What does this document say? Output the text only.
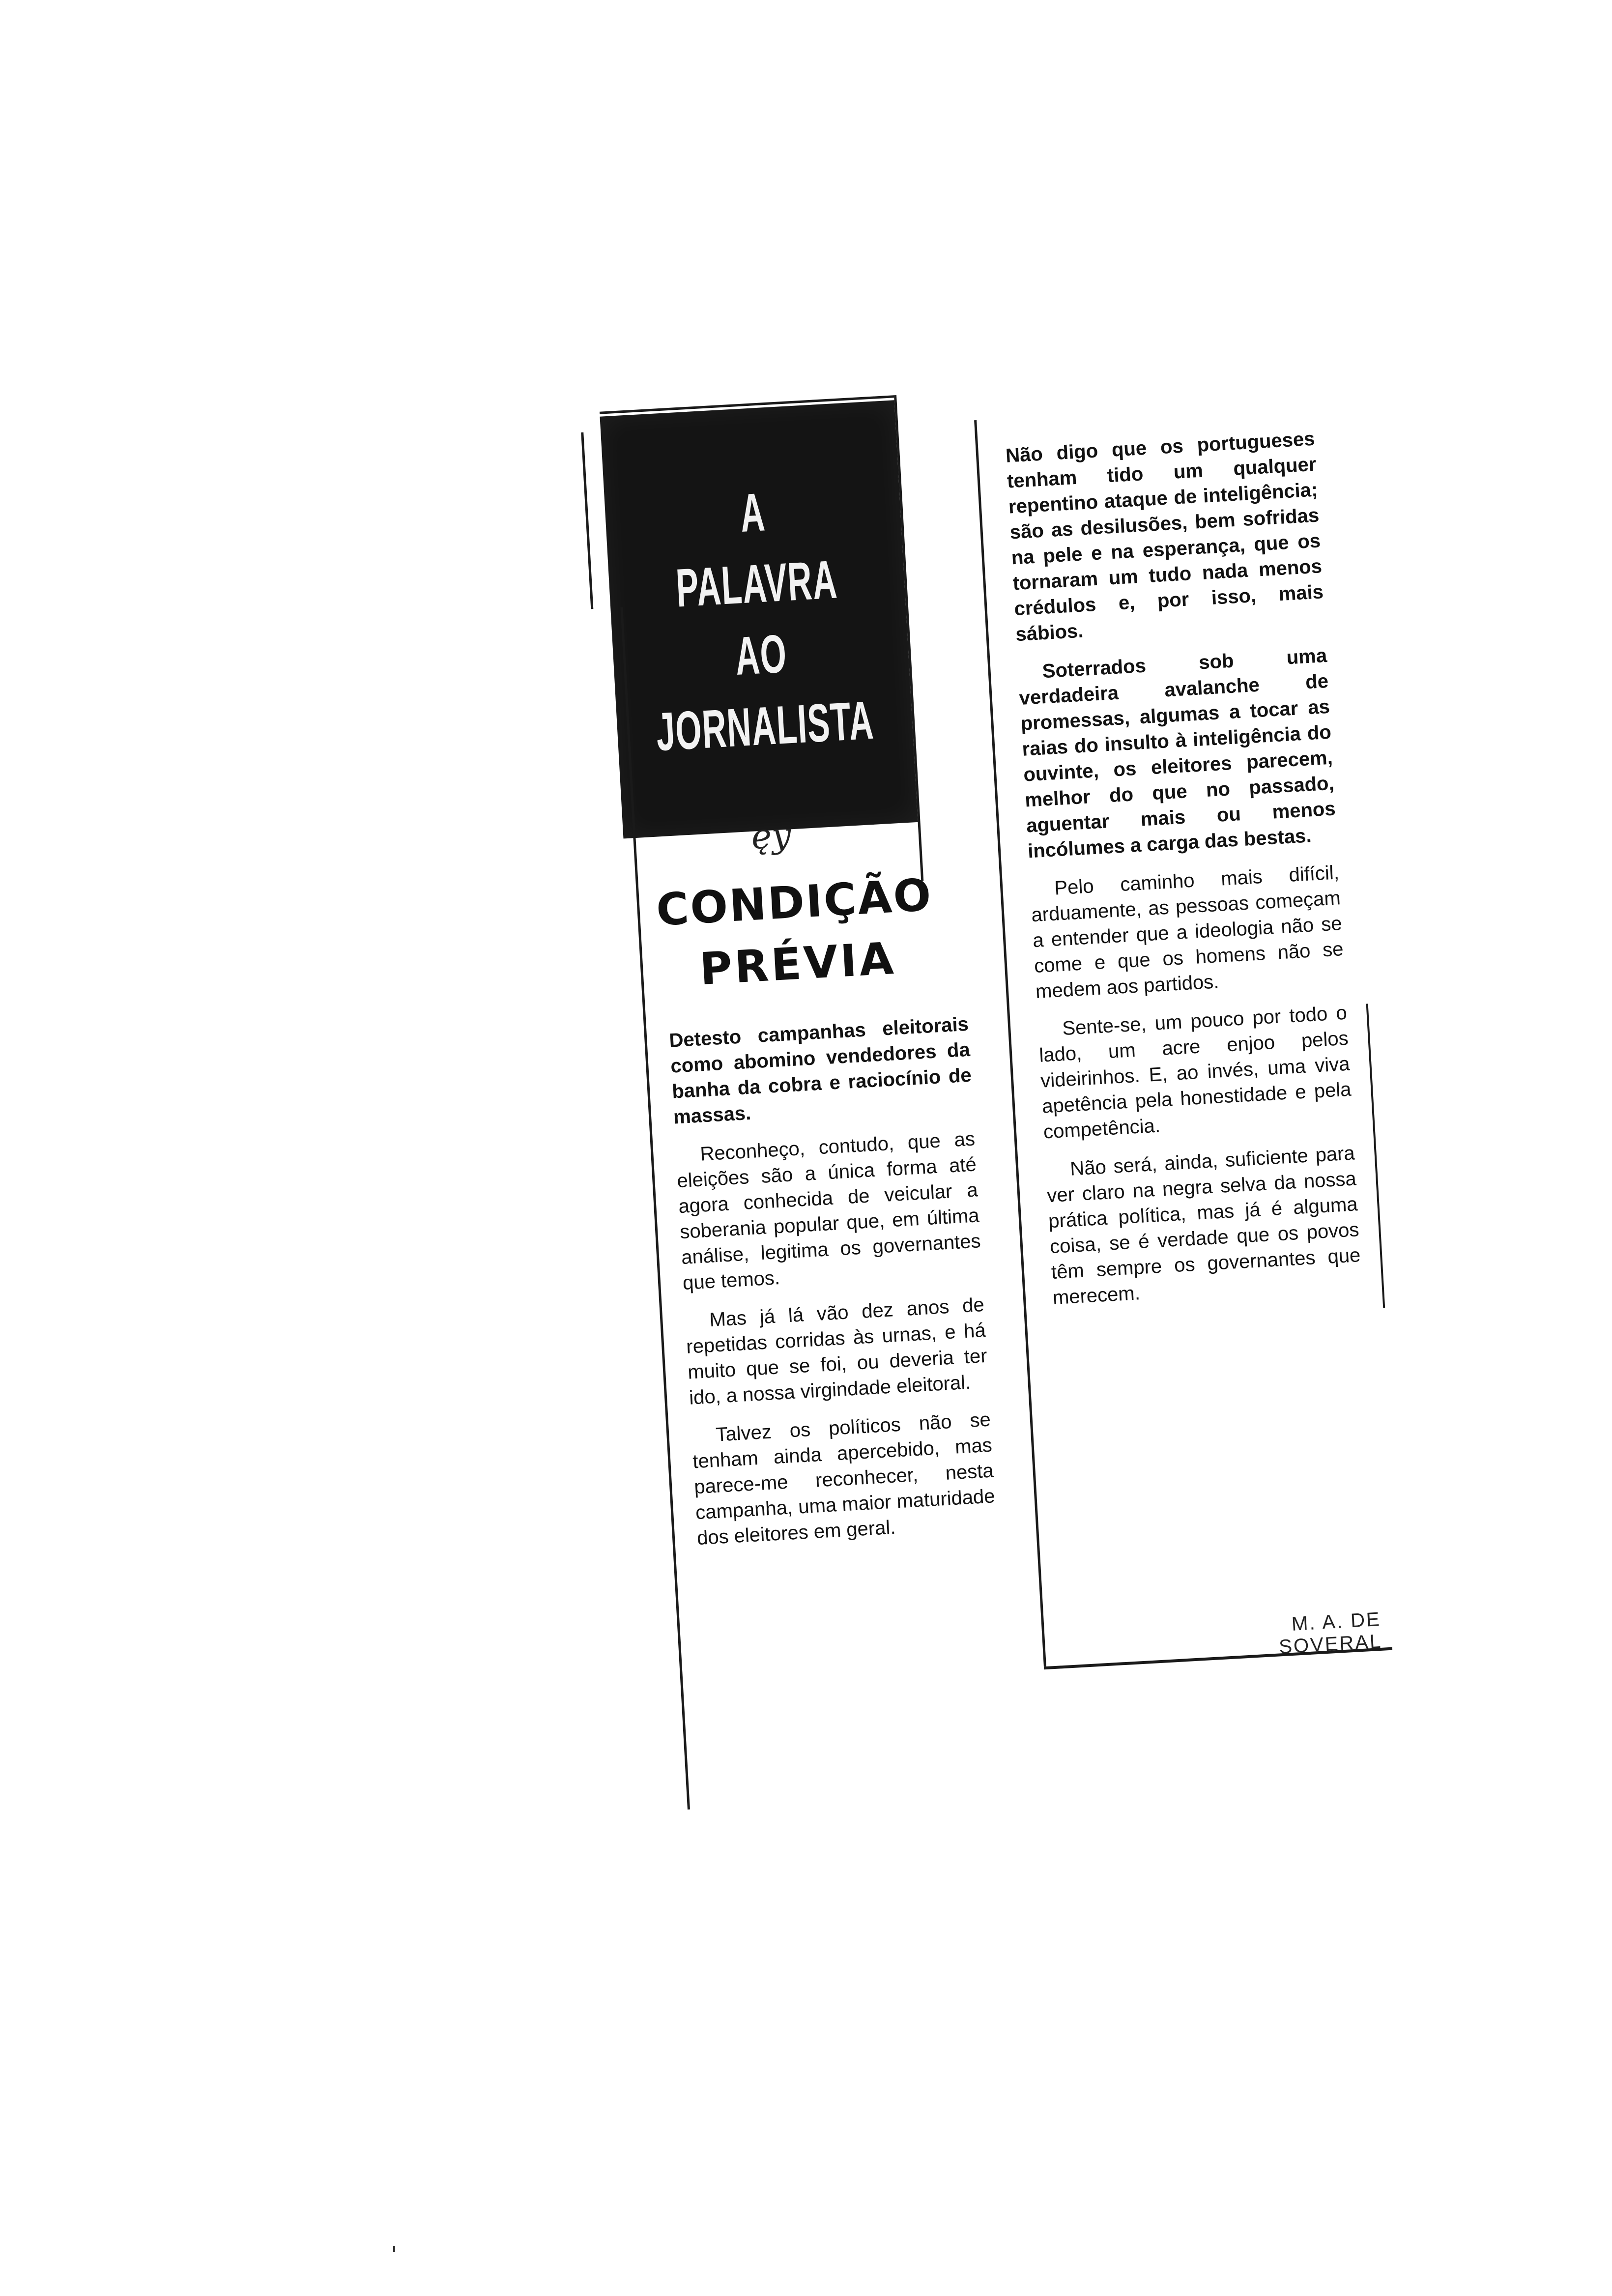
A
PALAVRA
AO
JORNALISTA
ęy
CONDIÇÃO
PRÉVIA

Detesto campanhas eleitorais como abomino vendedores da banha da cobra e raciocínio de massas.

Reconheço, contudo, que as eleições são a única forma até agora conhecida de veicular a soberania popular que, em última análise, legitima os governantes que temos.

Mas já lá vão dez anos de repetidas corridas às urnas, e há muito que se foi, ou deveria ter ido, a nossa virgindade eleitoral.

Talvez os políticos não se tenham ainda apercebido, mas parece-me reconhecer, nesta campanha, uma maior maturidade dos eleitores em geral.

Não digo que os portugueses tenham tido um qualquer repentino ataque de inteligência; são as desilusões, bem sofridas na pele e na esperança, que os tornaram um tudo nada menos crédulos e, por isso, mais sábios.

Soterrados sob uma verdadeira avalanche de promessas, algumas a tocar as raias do insulto à inteligência do ouvinte, os eleitores parecem, melhor do que no passado, aguentar mais ou menos incólumes a carga das bestas.

Pelo caminho mais difícil, arduamente, as pessoas começam a entender que a ideologia não se come e que os homens não se medem aos partidos.

Sente-se, um pouco por todo o lado, um acre enjoo pelos videirinhos. E, ao invés, uma viva apetência pela honestidade e pela competência.

Não será, ainda, suficiente para ver claro na negra selva da nossa prática política, mas já é alguma coisa, se é verdade que os povos têm sempre os governantes que merecem.

M. A. DE SOVERAL
